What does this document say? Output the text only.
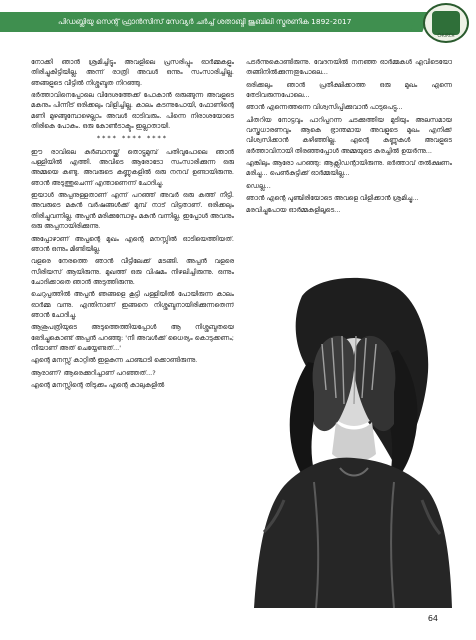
പിഡബ്ലിയു സെന്റ് ഫ്രാൻസിസ് സേവ്യർ ചർച്ച് ശതാബ്ദി ജൂബിലി സ്മരണിക 1892-2017
CHURCH

നോക്കി ഞാൻ ശ്രമിച്ചിട്ടും അവളിലെ പ്രസരിപ്പും ഓർമ്മകളും തിരിച്ചുകിട്ടിയില്ല. അന്ന് രാത്രി അവൾ ഒന്നും സംസാരിച്ചില്ല. ഞങ്ങളുടെ വീട്ടിൽ നിശ്ശബ്ദത നിറഞ്ഞു.

ഭർത്താവിനെപ്പോലെ വിദേശത്തേക്ക് പോകാൻ ഒരുങ്ങുന്ന അവളുടെ മകനും പിന്നീട് ഒരിക്കലും വിളിച്ചില്ല. കാലം കടന്നുപോയി, ഫോണിന്റെ മണി മുഴങ്ങുമ്പോഴെല്ലാം അവൾ ഓടിവരും. പിന്നെ നിരാശയോടെ തിരികെ പോകും. ഒരു കോൺടാക്ടും ഇല്ലാതായി.

**** **** ****

ഈ രാവിലെ കുർബാനയ്ക്ക് തൊട്ടുമുമ്പ് പതിവുപോലെ ഞാൻ പള്ളിയിൽ എത്തി. അവിടെ ആരോടോ സംസാരിക്കുന്ന ഒരു അമ്മയെ കണ്ടു. അവരുടെ കണ്ണുകളിൽ ഒരു നനവ് ഉണ്ടായിരുന്നു. ഞാൻ അടുത്തുചെന്ന് എന്താണെന്ന് ചോദിച്ചു.

ഇയാൾ അപ്പനുള്ളതാണ് എന്ന് പറഞ്ഞ് അവർ ഒരു കത്ത് നീട്ടി. അവരുടെ മകൻ വർഷങ്ങൾക്ക് മുമ്പ് നാട് വിട്ടതാണ്. ഒരിക്കലും തിരിച്ചുവന്നില്ല. അപ്പൻ മരിക്കുമ്പോഴും മകൻ വന്നില്ല. ഇപ്പോൾ അവനും ഒരു അപ്പനായിരിക്കുന്നു.

അപ്പോഴാണ് അപ്പന്റെ മുഖം എന്റെ മനസ്സിൽ ഓടിയെത്തിയത്. ഞാൻ ഒന്നും മിണ്ടിയില്ല.

വളരെ നേരത്തെ ഞാൻ വീട്ടിലേക്ക് മടങ്ങി. അപ്പൻ വളരെ സീരിയസ് ആയിരുന്നു. മുഖത്ത് ഒരു വിഷമം നിഴലിച്ചിരുന്നു. ഒന്നും ചോദിക്കാതെ ഞാൻ അടുത്തിരുന്നു.

ചെറുപ്പത്തിൽ അപ്പൻ ഞങ്ങളെ കൂട്ടി പള്ളിയിൽ പോയിരുന്ന കാലം ഓർമ്മ വന്നു. എന്തിനാണ് ഇങ്ങനെ നിശ്ശബ്ദനായിരിക്കുന്നതെന്ന് ഞാൻ ചോദിച്ചു.

ആശുപത്രിയുടെ അടുത്തെത്തിയപ്പോൾ ആ നിശ്ശബ്ദതയെ ഭേദിച്ചുകൊണ്ട് അപ്പൻ പറഞ്ഞു: 'നീ അവൾക്ക് ധൈര്യം കൊടുക്കണം; നീയാണ് അത് ചെയ്യേണ്ടത്...'

എന്റെ മനസ്സ് കാറ്റിൽ ഇളകുന്ന ചാഞ്ചാടി ക്കൊണ്ടിരുന്നു.

ആരാണ്? ആരെക്കുറിച്ചാണ് പറഞ്ഞത്...?

എന്റെ മനസ്സിന്റെ തിടുക്കം എന്റെ കാലുകളിൽ

പടർന്നുകൊണ്ടിരുന്നു. വേദനയിൽ നനഞ്ഞ ഓർമ്മകൾ എവിടെയോ തങ്ങിനിൽക്കുന്നതുപോലെ...

ഒരിക്കലും ഞാൻ പ്രതീക്ഷിക്കാത്ത ഒരു മുഖം എന്നെ തേടിവരുന്നപോലെ...

ഞാൻ എന്നെത്തന്നെ വിശ്വസിപ്പിക്കുവാൻ പാടുപെട്ടു...

ചിതറിയ നോട്ടവും പാറിപ്പറന്ന ചടക്കുത്തിയ മുടിയും അലസമായ വസ്ത്രധാരണവും ആകെ ഭ്രാന്തമായ അവളുടെ മുഖം എനിക്ക് വിശ്വസിക്കാൻ കഴിഞ്ഞില്ല. എന്റെ കണ്ണുകൾ അവളുടെ ഭർത്താവിനായി തിരഞ്ഞപ്പോൾ അമ്മയുടെ കരച്ചിൽ ഉയർന്നു...

എങ്കിലും ആരോ പറഞ്ഞു: ആക്സിഡന്റായിരുന്നു. ഭർത്താവ് തൽക്ഷണം മരിച്ചു... പെൺകുട്ടിക്ക് ഓർമ്മയില്ല...

ഡെല്ല...

ഞാൻ എന്റെ പുഞ്ചിരിയോടെ അവളെ വിളിക്കാൻ ശ്രമിച്ചു...

മരവിച്ചുപോയ ഓർമ്മകളിലൂടെ...

64
